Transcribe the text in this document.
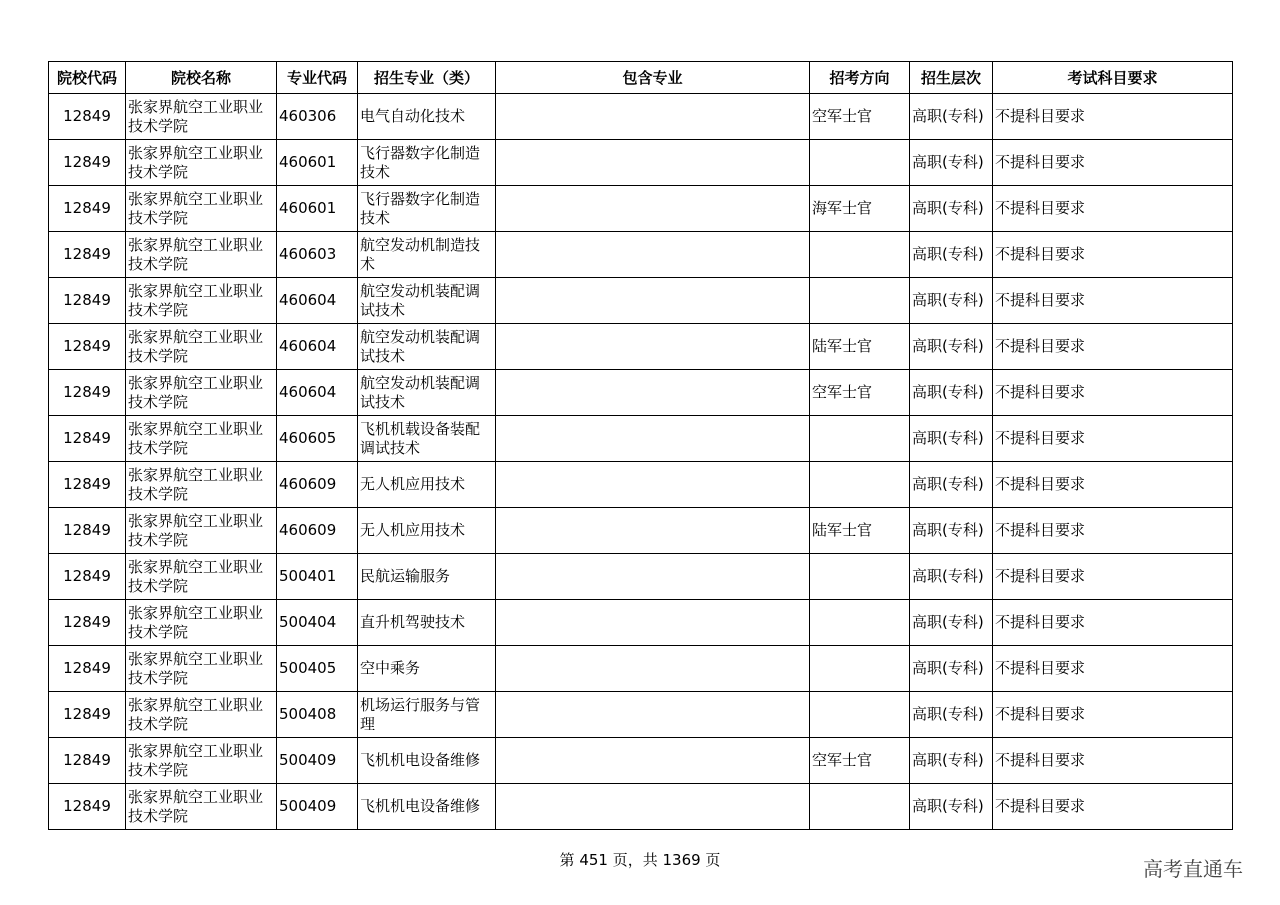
院校代码	院校名称	专业代码	招生专业（类）	包含专业	招考方向	招生层次	考试科目要求
12849	张家界航空工业职业技术学院	460306	电气自动化技术		空军士官	高职(专科)	不提科目要求
12849	张家界航空工业职业技术学院	460601	飞行器数字化制造技术			高职(专科)	不提科目要求
12849	张家界航空工业职业技术学院	460601	飞行器数字化制造技术		海军士官	高职(专科)	不提科目要求
12849	张家界航空工业职业技术学院	460603	航空发动机制造技术			高职(专科)	不提科目要求
12849	张家界航空工业职业技术学院	460604	航空发动机装配调试技术			高职(专科)	不提科目要求
12849	张家界航空工业职业技术学院	460604	航空发动机装配调试技术		陆军士官	高职(专科)	不提科目要求
12849	张家界航空工业职业技术学院	460604	航空发动机装配调试技术		空军士官	高职(专科)	不提科目要求
12849	张家界航空工业职业技术学院	460605	飞机机载设备装配调试技术			高职(专科)	不提科目要求
12849	张家界航空工业职业技术学院	460609	无人机应用技术			高职(专科)	不提科目要求
12849	张家界航空工业职业技术学院	460609	无人机应用技术		陆军士官	高职(专科)	不提科目要求
12849	张家界航空工业职业技术学院	500401	民航运输服务			高职(专科)	不提科目要求
12849	张家界航空工业职业技术学院	500404	直升机驾驶技术			高职(专科)	不提科目要求
12849	张家界航空工业职业技术学院	500405	空中乘务			高职(专科)	不提科目要求
12849	张家界航空工业职业技术学院	500408	机场运行服务与管理			高职(专科)	不提科目要求
12849	张家界航空工业职业技术学院	500409	飞机机电设备维修		空军士官	高职(专科)	不提科目要求
12849	张家界航空工业职业技术学院	500409	飞机机电设备维修			高职(专科)	不提科目要求
第 451 页，共 1369 页	高考直通车
